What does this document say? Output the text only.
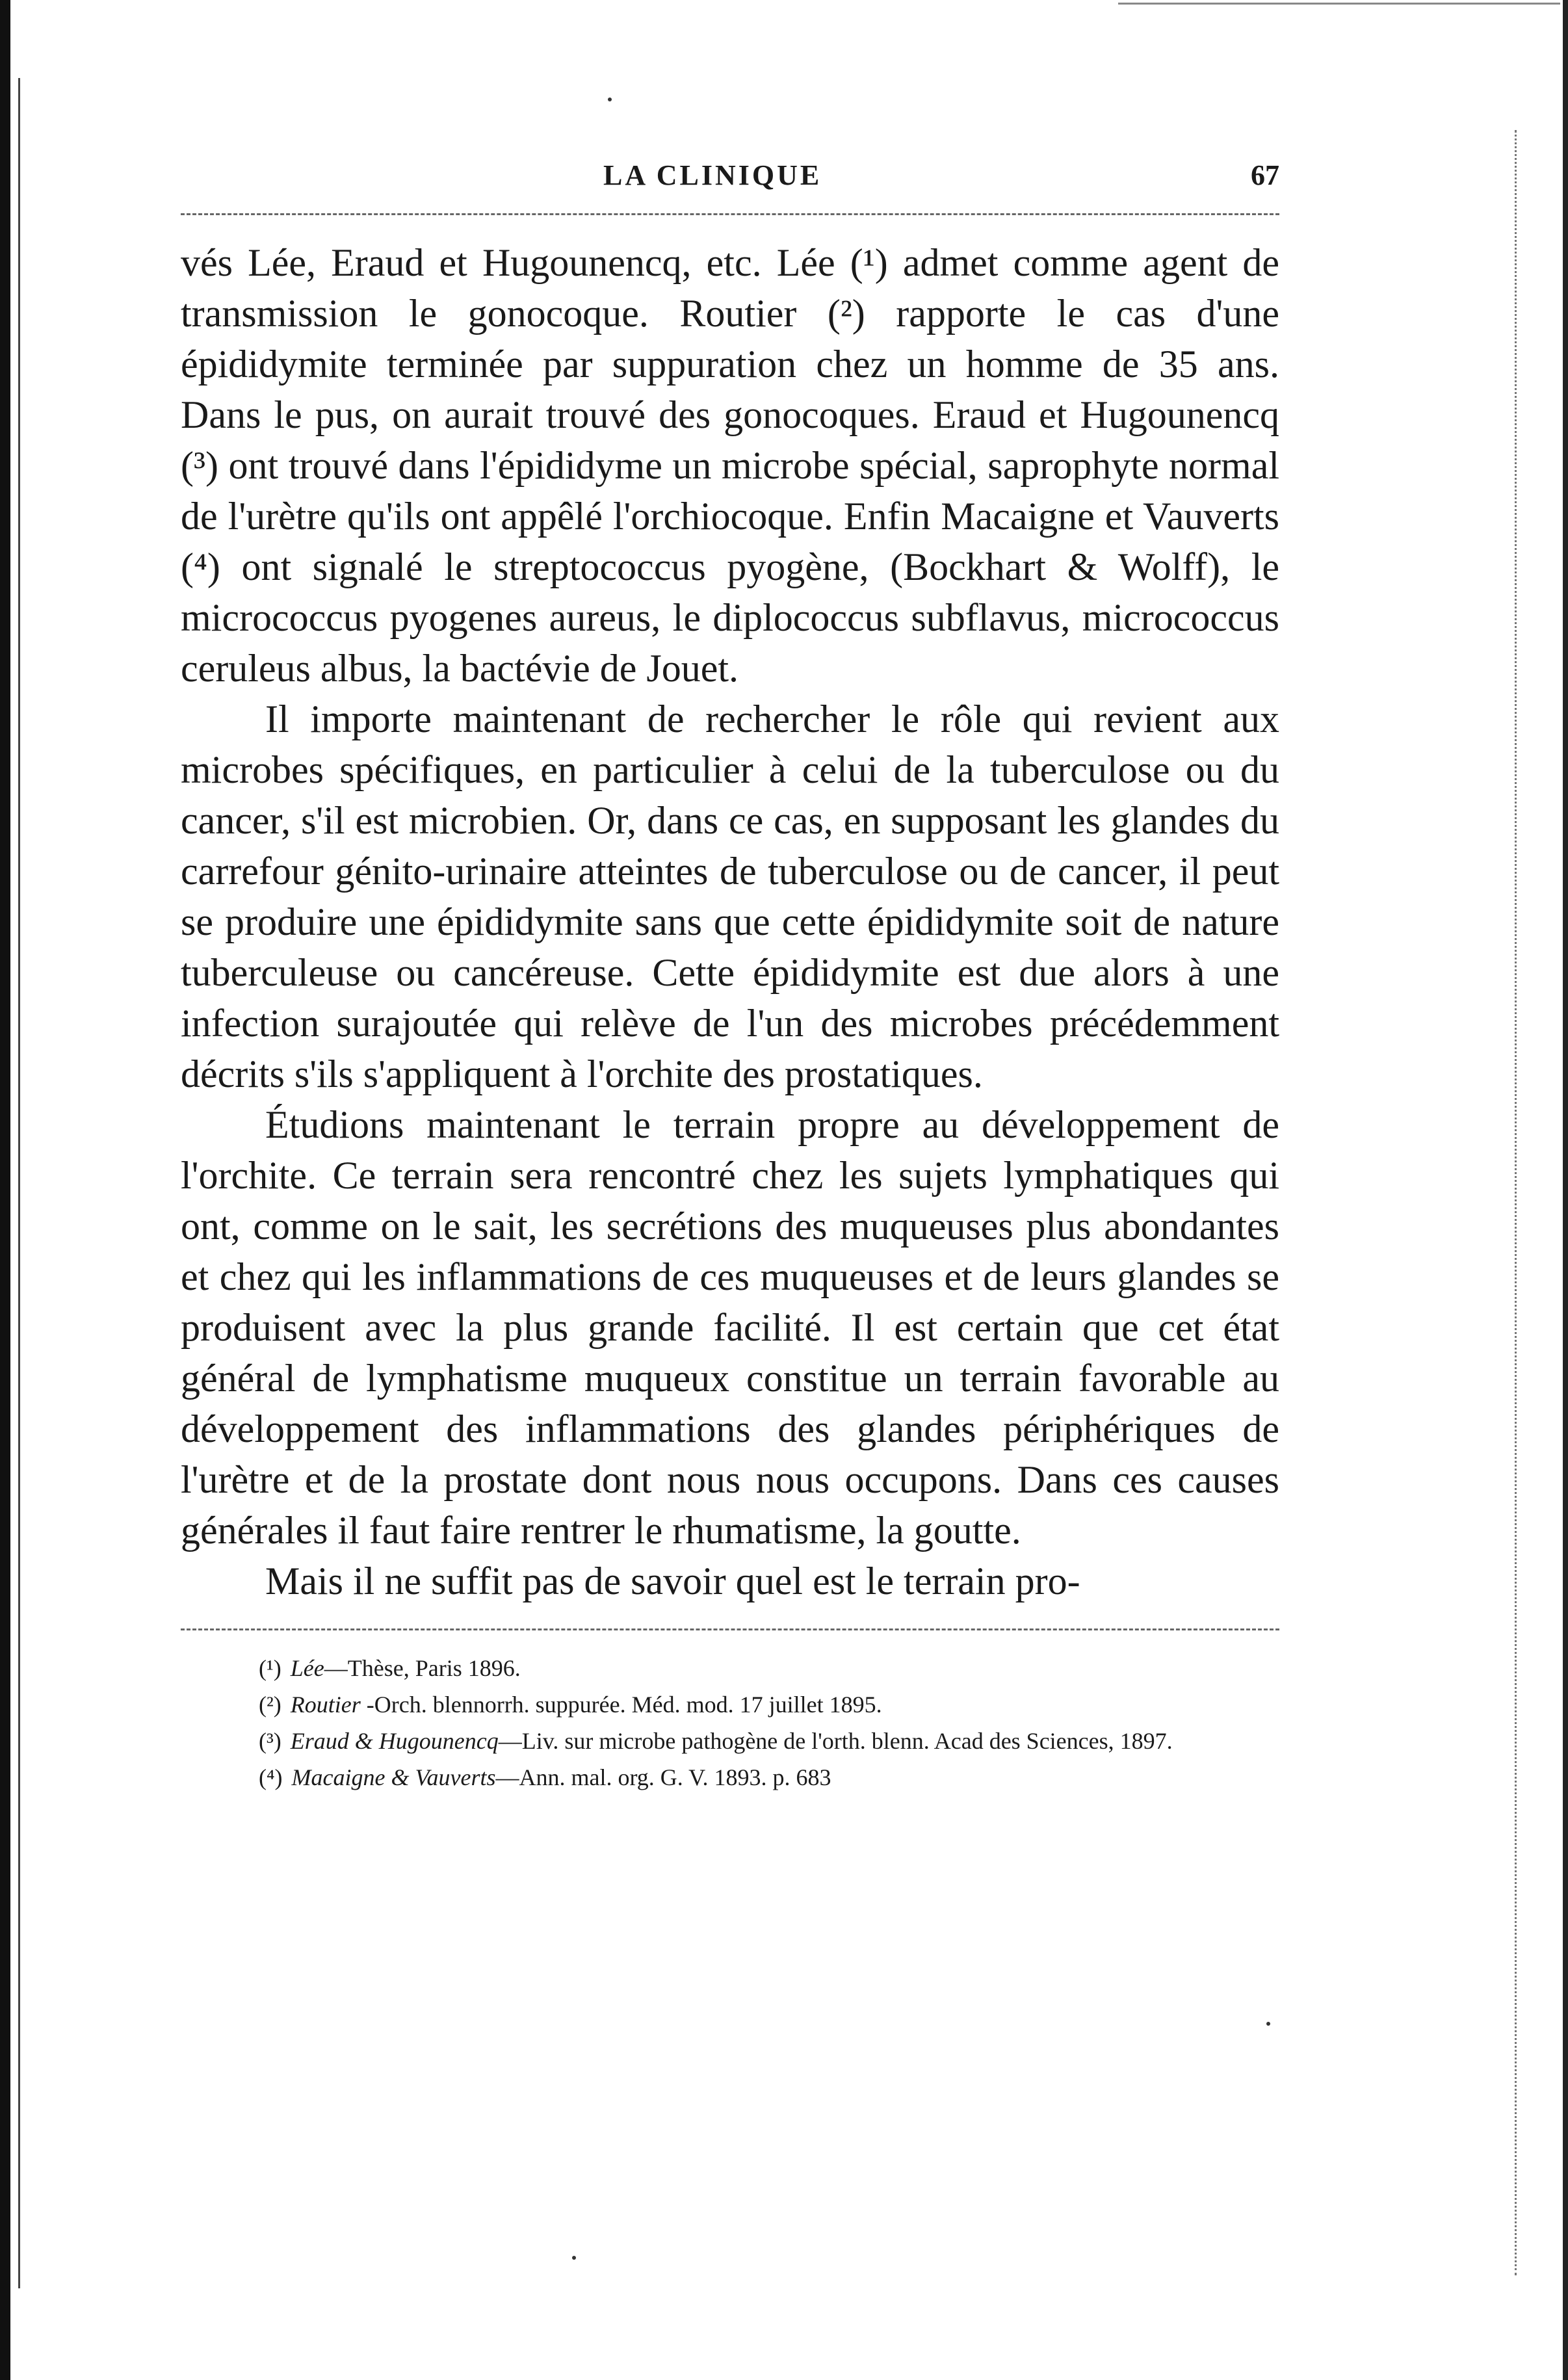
LA CLINIQUE	67

vés Lée, Eraud et Hugounencq, etc. Lée (¹) admet comme agent de transmission le gonocoque. Routier (²) rapporte le cas d'une épididymite terminée par suppuration chez un homme de 35 ans. Dans le pus, on aurait trouvé des gonocoques. Eraud et Hugounencq (³) ont trouvé dans l'épididyme un microbe spécial, saprophyte normal de l'urètre qu'ils ont appêlé l'orchiocoque. Enfin Macaigne et Vauverts (⁴) ont signalé le streptococcus pyogène, (Bockhart & Wolff), le micrococcus pyogenes aureus, le diplococcus subflavus, micrococcus ceruleus albus, la bactévie de Jouet.

Il importe maintenant de rechercher le rôle qui revient aux microbes spécifiques, en particulier à celui de la tuberculose ou du cancer, s'il est microbien. Or, dans ce cas, en supposant les glandes du carrefour génito-urinaire atteintes de tuberculose ou de cancer, il peut se produire une épididymite sans que cette épididymite soit de nature tuberculeuse ou cancéreuse. Cette épididymite est due alors à une infection surajoutée qui relève de l'un des microbes précédemment décrits s'ils s'appliquent à l'orchite des prostatiques.

Étudions maintenant le terrain propre au développement de l'orchite. Ce terrain sera rencontré chez les sujets lymphatiques qui ont, comme on le sait, les secrétions des muqueuses plus abondantes et chez qui les inflammations de ces muqueuses et de leurs glandes se produisent avec la plus grande facilité. Il est certain que cet état général de lymphatisme muqueux constitue un terrain favorable au développement des inflammations des glandes périphériques de l'urètre et de la prostate dont nous nous occupons. Dans ces causes générales il faut faire rentrer le rhumatisme, la goutte.

Mais il ne suffit pas de savoir quel est le terrain pro-

(¹) Lée—Thèse, Paris 1896.

(²) Routier -Orch. blennorrh. suppurée. Méd. mod. 17 juillet 1895.

(³) Eraud & Hugounencq—Liv. sur microbe pathogène de l'orth. blenn. Acad des Sciences, 1897.

(⁴) Macaigne & Vauverts—Ann. mal. org. G. V. 1893. p. 683
